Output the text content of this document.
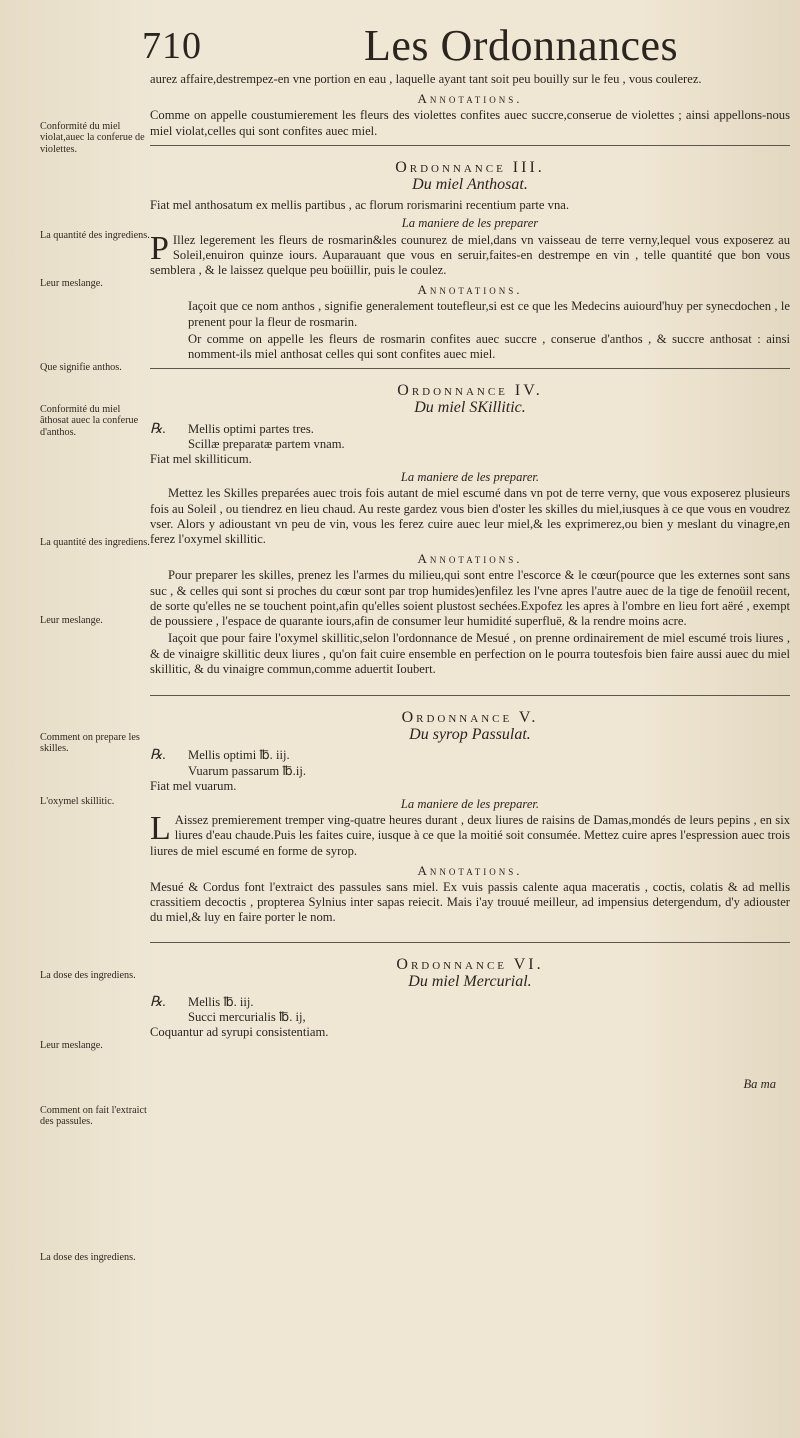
710	Les Ordonnances
Conformité du miel violat,auec la conferue de violettes.
La quantité des ingrediens.
Leur meslange.
Que signifie anthos.
Conformité du miel âthosat auec la conferue d'anthos.
La quantité des ingrediens.
Leur meslange.
Comment on prepare les skilles.
L'oxymel skillitic.
La dose des ingrediens.
Leur meslange.
Comment on fait l'extraict des passules.
La dose des ingrediens.

aurez affaire,destrempez-en vne portion en eau , laquelle ayant tant soit peu bouilly sur le feu , vous coulerez.

Annotations.

Comme on appelle coustumierement les fleurs des violettes confites auec succre,conserue de violettes ; ainsi appellons-nous miel violat,celles qui sont confites auec miel.

Ordonnance III.
Du miel Anthosat.

Fiat mel anthosatum ex mellis partibus , ac florum rorismarini recentium parte vna.

La maniere de les preparer

P Illez legerement les fleurs de rosmarin&les counurez de miel,dans vn vaisseau de terre verny,lequel vous exposerez au Soleil,enuiron quinze iours. Auparauant que vous en seruir,faites-en destrempe en vin , telle quantité que bon vous semblera , & le laissez quelque peu boüillir, puis le coulez.

Annotations.

Iaçoit que ce nom anthos , signifie generalement toutefleur,si est ce que les Medecins auiourd'huy per synecdochen , le prenent pour la fleur de rosmarin.

Or comme on appelle les fleurs de rosmarin confites auec succre , conserue d'anthos , & succre anthosat : ainsi nomment-ils miel anthosat celles qui sont confites auec miel.

Ordonnance IV.
Du miel SKillitic.

℞. Mellis optimi partes tres.

Scillæ preparatæ partem vnam.

Fiat mel skilliticum.

La maniere de les preparer.

Mettez les Skilles preparées auec trois fois autant de miel escumé dans vn pot de terre verny, que vous exposerez plusieurs fois au Soleil , ou tiendrez en lieu chaud. Au reste gardez vous bien d'oster les skilles du miel,iusques à ce que vous en voudrez vser. Alors y adioustant vn peu de vin, vous les ferez cuire auec leur miel,& les exprimerez,ou bien y meslant du vinagre,en ferez l'oxymel skillitic.

Annotations.

Pour preparer les skilles, prenez les l'armes du milieu,qui sont entre l'escorce & le cœur(pource que les externes sont sans suc , & celles qui sont si proches du cœur sont par trop humides)enfilez les l'vne apres l'autre auec de la tige de fenoüil recent, de sorte qu'elles ne se touchent point,afin qu'elles soient plustost sechées.Expofez les apres à l'ombre en lieu fort aëré , exempt de poussiere , l'espace de quarante iours,afin de consumer leur humidité superfluë, & la rendre moins acre.

Iaçoit que pour faire l'oxymel skillitic,selon l'ordonnance de Mesué , on prenne ordinairement de miel escumé trois liures , & de vinaigre skillitic deux liures , qu'on fait cuire ensemble en perfection on le pourra toutesfois bien faire aussi auec du miel skillitic, & du vinaigre commun,comme aduertit Ioubert.

Ordonnance V.
Du syrop Passulat.

℞. Mellis optimi ℔. iij.

Vuarum passarum ℔.ij.

Fiat mel vuarum.

La maniere de les preparer.

L Aissez premierement tremper ving-quatre heures durant , deux liures de raisins de Damas,mondés de leurs pepins , en six liures d'eau chaude.Puis les faites cuire, iusque à ce que la moitié soit consumée. Mettez cuire apres l'espression auec trois liures de miel escumé en forme de syrop.

Annotations.

Mesué & Cordus font l'extraict des passules sans miel. Ex vuis passis calente aqua maceratis , coctis, colatis & ad mellis crassitiem decoctis , propterea Sylnius inter sapas reiecit. Mais i'ay trouué meilleur, ad impensius detergendum, d'y adiouster du miel,& luy en faire porter le nom.

Ordonnance VI.
Du miel Mercurial.

℞. Mellis ℔. iij.

Succi mercurialis ℔. ij,

Coquantur ad syrupi consistentiam.

Ba ma
